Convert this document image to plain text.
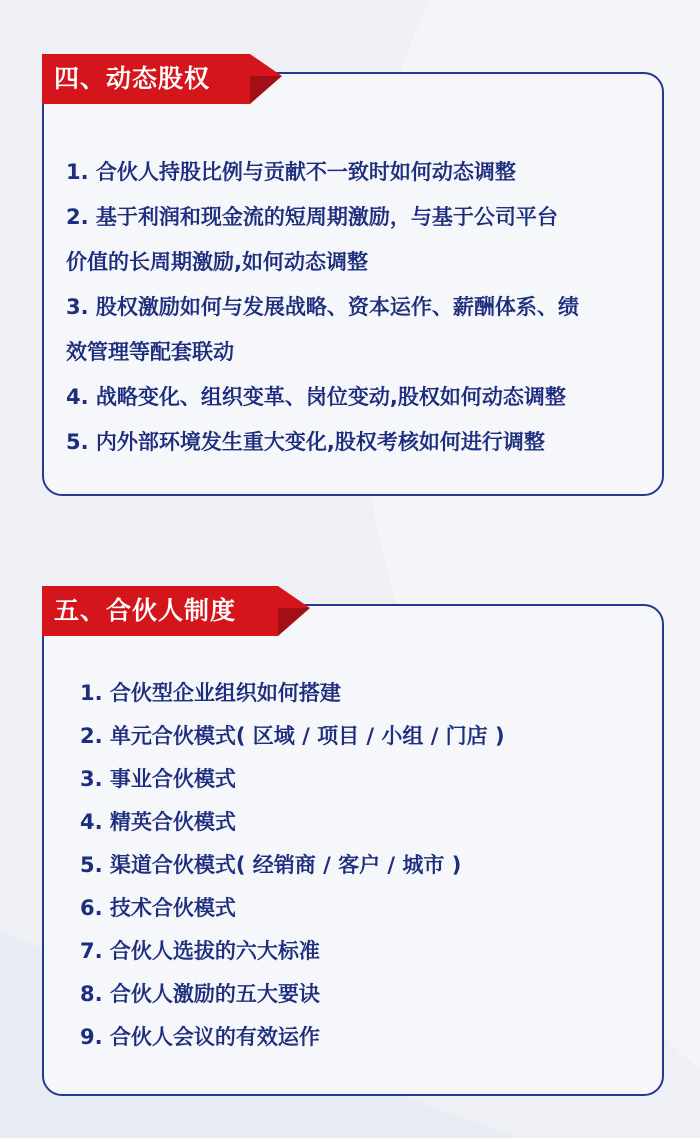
四、动态股权
1. 合伙人持股比例与贡献不一致时如何动态调整
2. 基于利润和现金流的短周期激励，与基于公司平台
价值的长周期激励,如何动态调整
3. 股权激励如何与发展战略、资本运作、薪酬体系、绩
效管理等配套联动
4. 战略变化、组织变革、岗位变动,股权如何动态调整
5. 内外部环境发生重大变化,股权考核如何进行调整
五、合伙人制度
1. 合伙型企业组织如何搭建
2. 单元合伙模式( 区域 / 项目 / 小组 / 门店 )
3. 事业合伙模式
4. 精英合伙模式
5. 渠道合伙模式( 经销商 / 客户 / 城市 )
6. 技术合伙模式
7. 合伙人选拔的六大标准
8. 合伙人激励的五大要诀
9. 合伙人会议的有效运作
